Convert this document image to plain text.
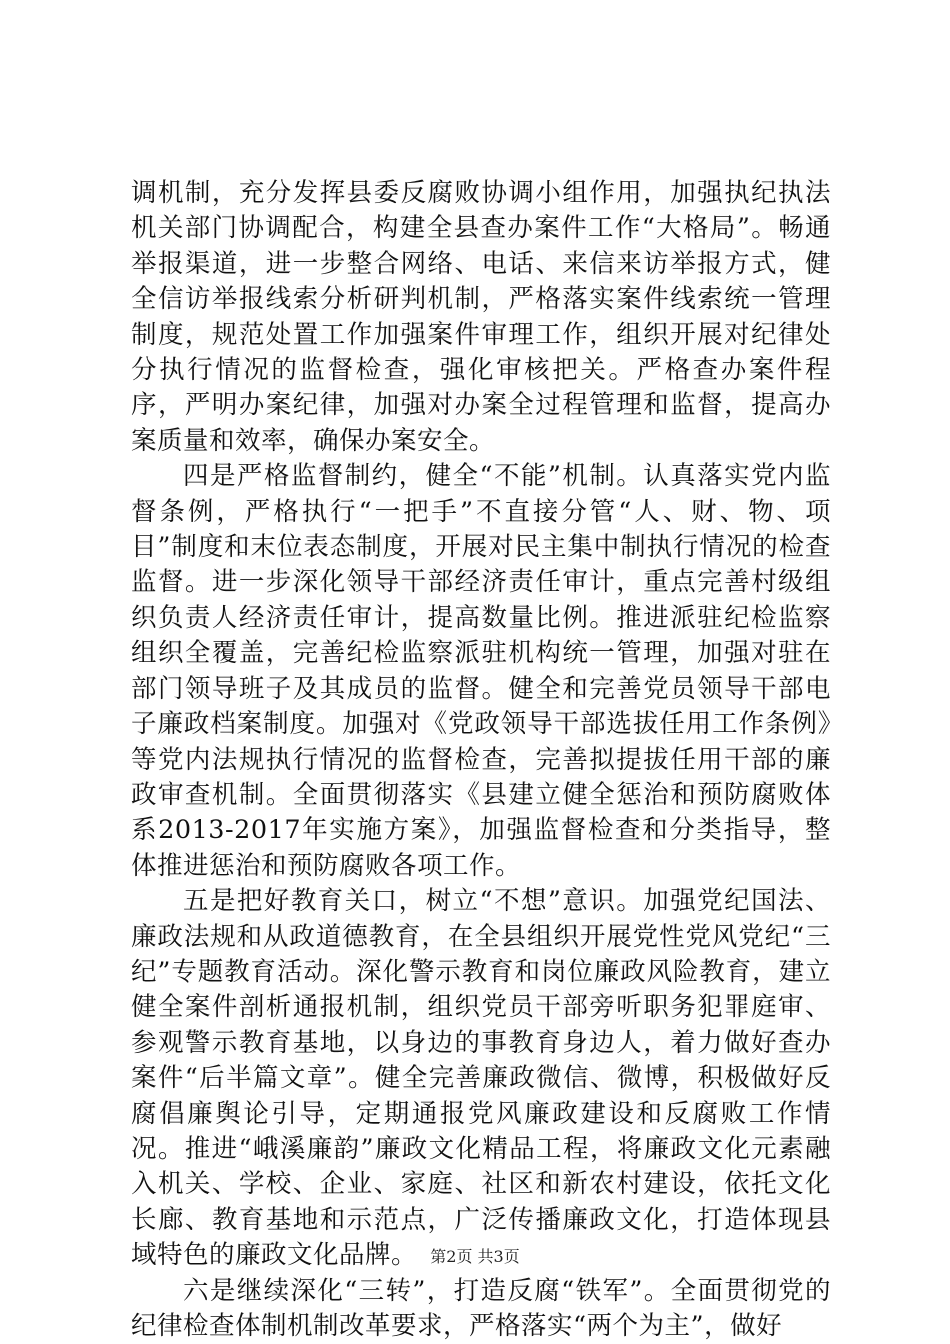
调机制，充分发挥县委反腐败协调小组作用，加强执纪执法机关部门协调配合，构建全县查办案件工作“大格局”。畅通举报渠道，进一步整合网络、电话、来信来访举报方式，健全信访举报线索分析研判机制，严格落实案件线索统一管理制度，规范处置工作加强案件审理工作，组织开展对纪律处分执行情况的监督检查，强化审核把关。严格查办案件程序，严明办案纪律，加强对办案全过程管理和监督，提高办案质量和效率，确保办案安全。

四是严格监督制约，健全“不能”机制。认真落实党内监督条例，严格执行“一把手”不直接分管“人、财、物、项目”制度和末位表态制度，开展对民主集中制执行情况的检查监督。进一步深化领导干部经济责任审计，重点完善村级组织负责人经济责任审计，提高数量比例。推进派驻纪检监察组织全覆盖，完善纪检监察派驻机构统一管理，加强对驻在部门领导班子及其成员的监督。健全和完善党员领导干部电子廉政档案制度。加强对《党政领导干部选拔任用工作条例》等党内法规执行情况的监督检查，完善拟提拔任用干部的廉政审查机制。全面贯彻落实《县建立健全惩治和预防腐败体系2013-2017年实施方案》，加强监督检查和分类指导，整体推进惩治和预防腐败各项工作。

五是把好教育关口，树立“不想”意识。加强党纪国法、廉政法规和从政道德教育，在全县组织开展党性党风党纪“三纪”专题教育活动。深化警示教育和岗位廉政风险教育，建立健全案件剖析通报机制，组织党员干部旁听职务犯罪庭审、参观警示教育基地，以身边的事教育身边人，着力做好查办案件“后半篇文章”。健全完善廉政微信、微博，积极做好反腐倡廉舆论引导，定期通报党风廉政建设和反腐败工作情况。推进“峨溪廉韵”廉政文化精品工程，将廉政文化元素融入机关、学校、企业、家庭、社区和新农村建设，依托文化长廊、教育基地和示范点，广泛传播廉政文化，打造体现县域特色的廉政文化品牌。

六是继续深化“三转”，打造反腐“铁军”。全面贯彻党的纪律检查体制机制改革要求，严格落实“两个为主”，做好

第2页 共3页
